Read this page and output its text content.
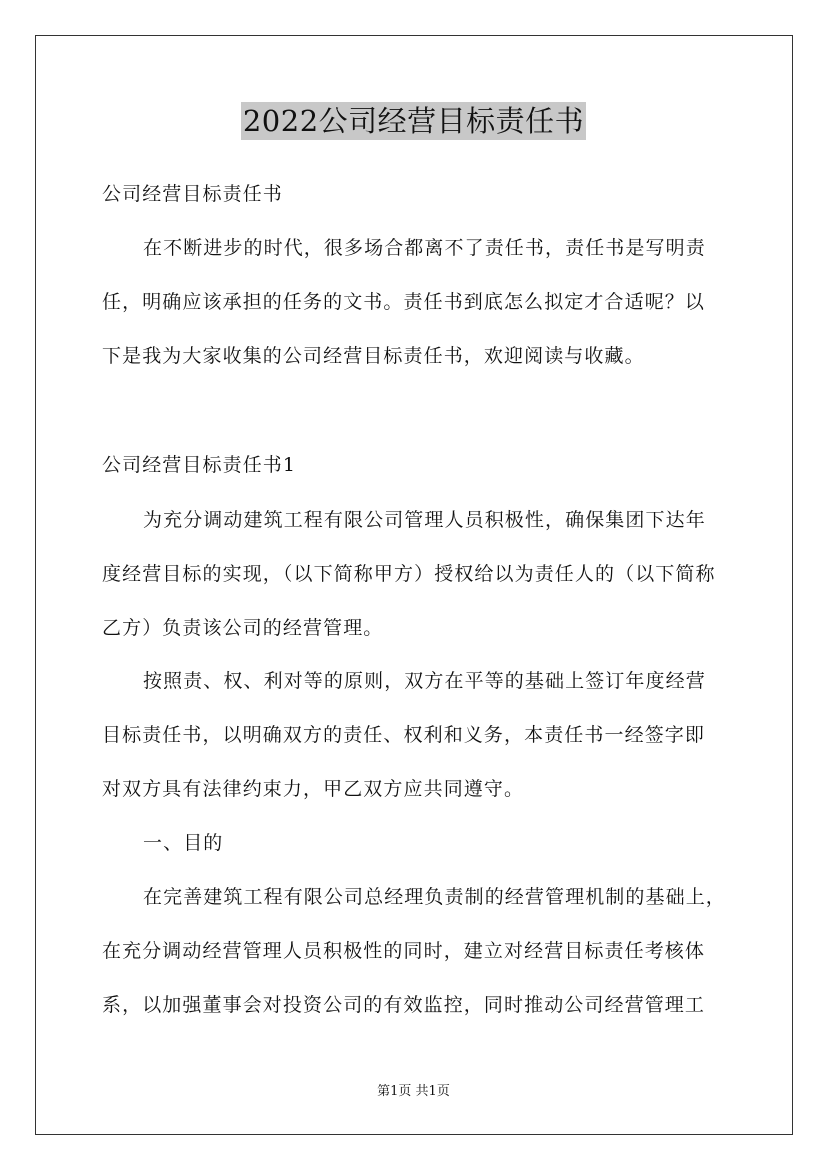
2022公司经营目标责任书
公司经营目标责任书
在不断进步的时代，很多场合都离不了责任书，责任书是写明责
任，明确应该承担的任务的文书。责任书到底怎么拟定才合适呢？以
下是我为大家收集的公司经营目标责任书，欢迎阅读与收藏。
公司经营目标责任书1
为充分调动建筑工程有限公司管理人员积极性，确保集团下达年
度经营目标的实现，（以下简称甲方）授权给以为责任人的（以下简称
乙方）负责该公司的经营管理。
按照责、权、利对等的原则，双方在平等的基础上签订年度经营
目标责任书，以明确双方的责任、权利和义务，本责任书一经签字即
对双方具有法律约束力，甲乙双方应共同遵守。
一、目的
在完善建筑工程有限公司总经理负责制的经营管理机制的基础上，
在充分调动经营管理人员积极性的同时，建立对经营目标责任考核体
系，以加强董事会对投资公司的有效监控，同时推动公司经营管理工
第1页 共1页
